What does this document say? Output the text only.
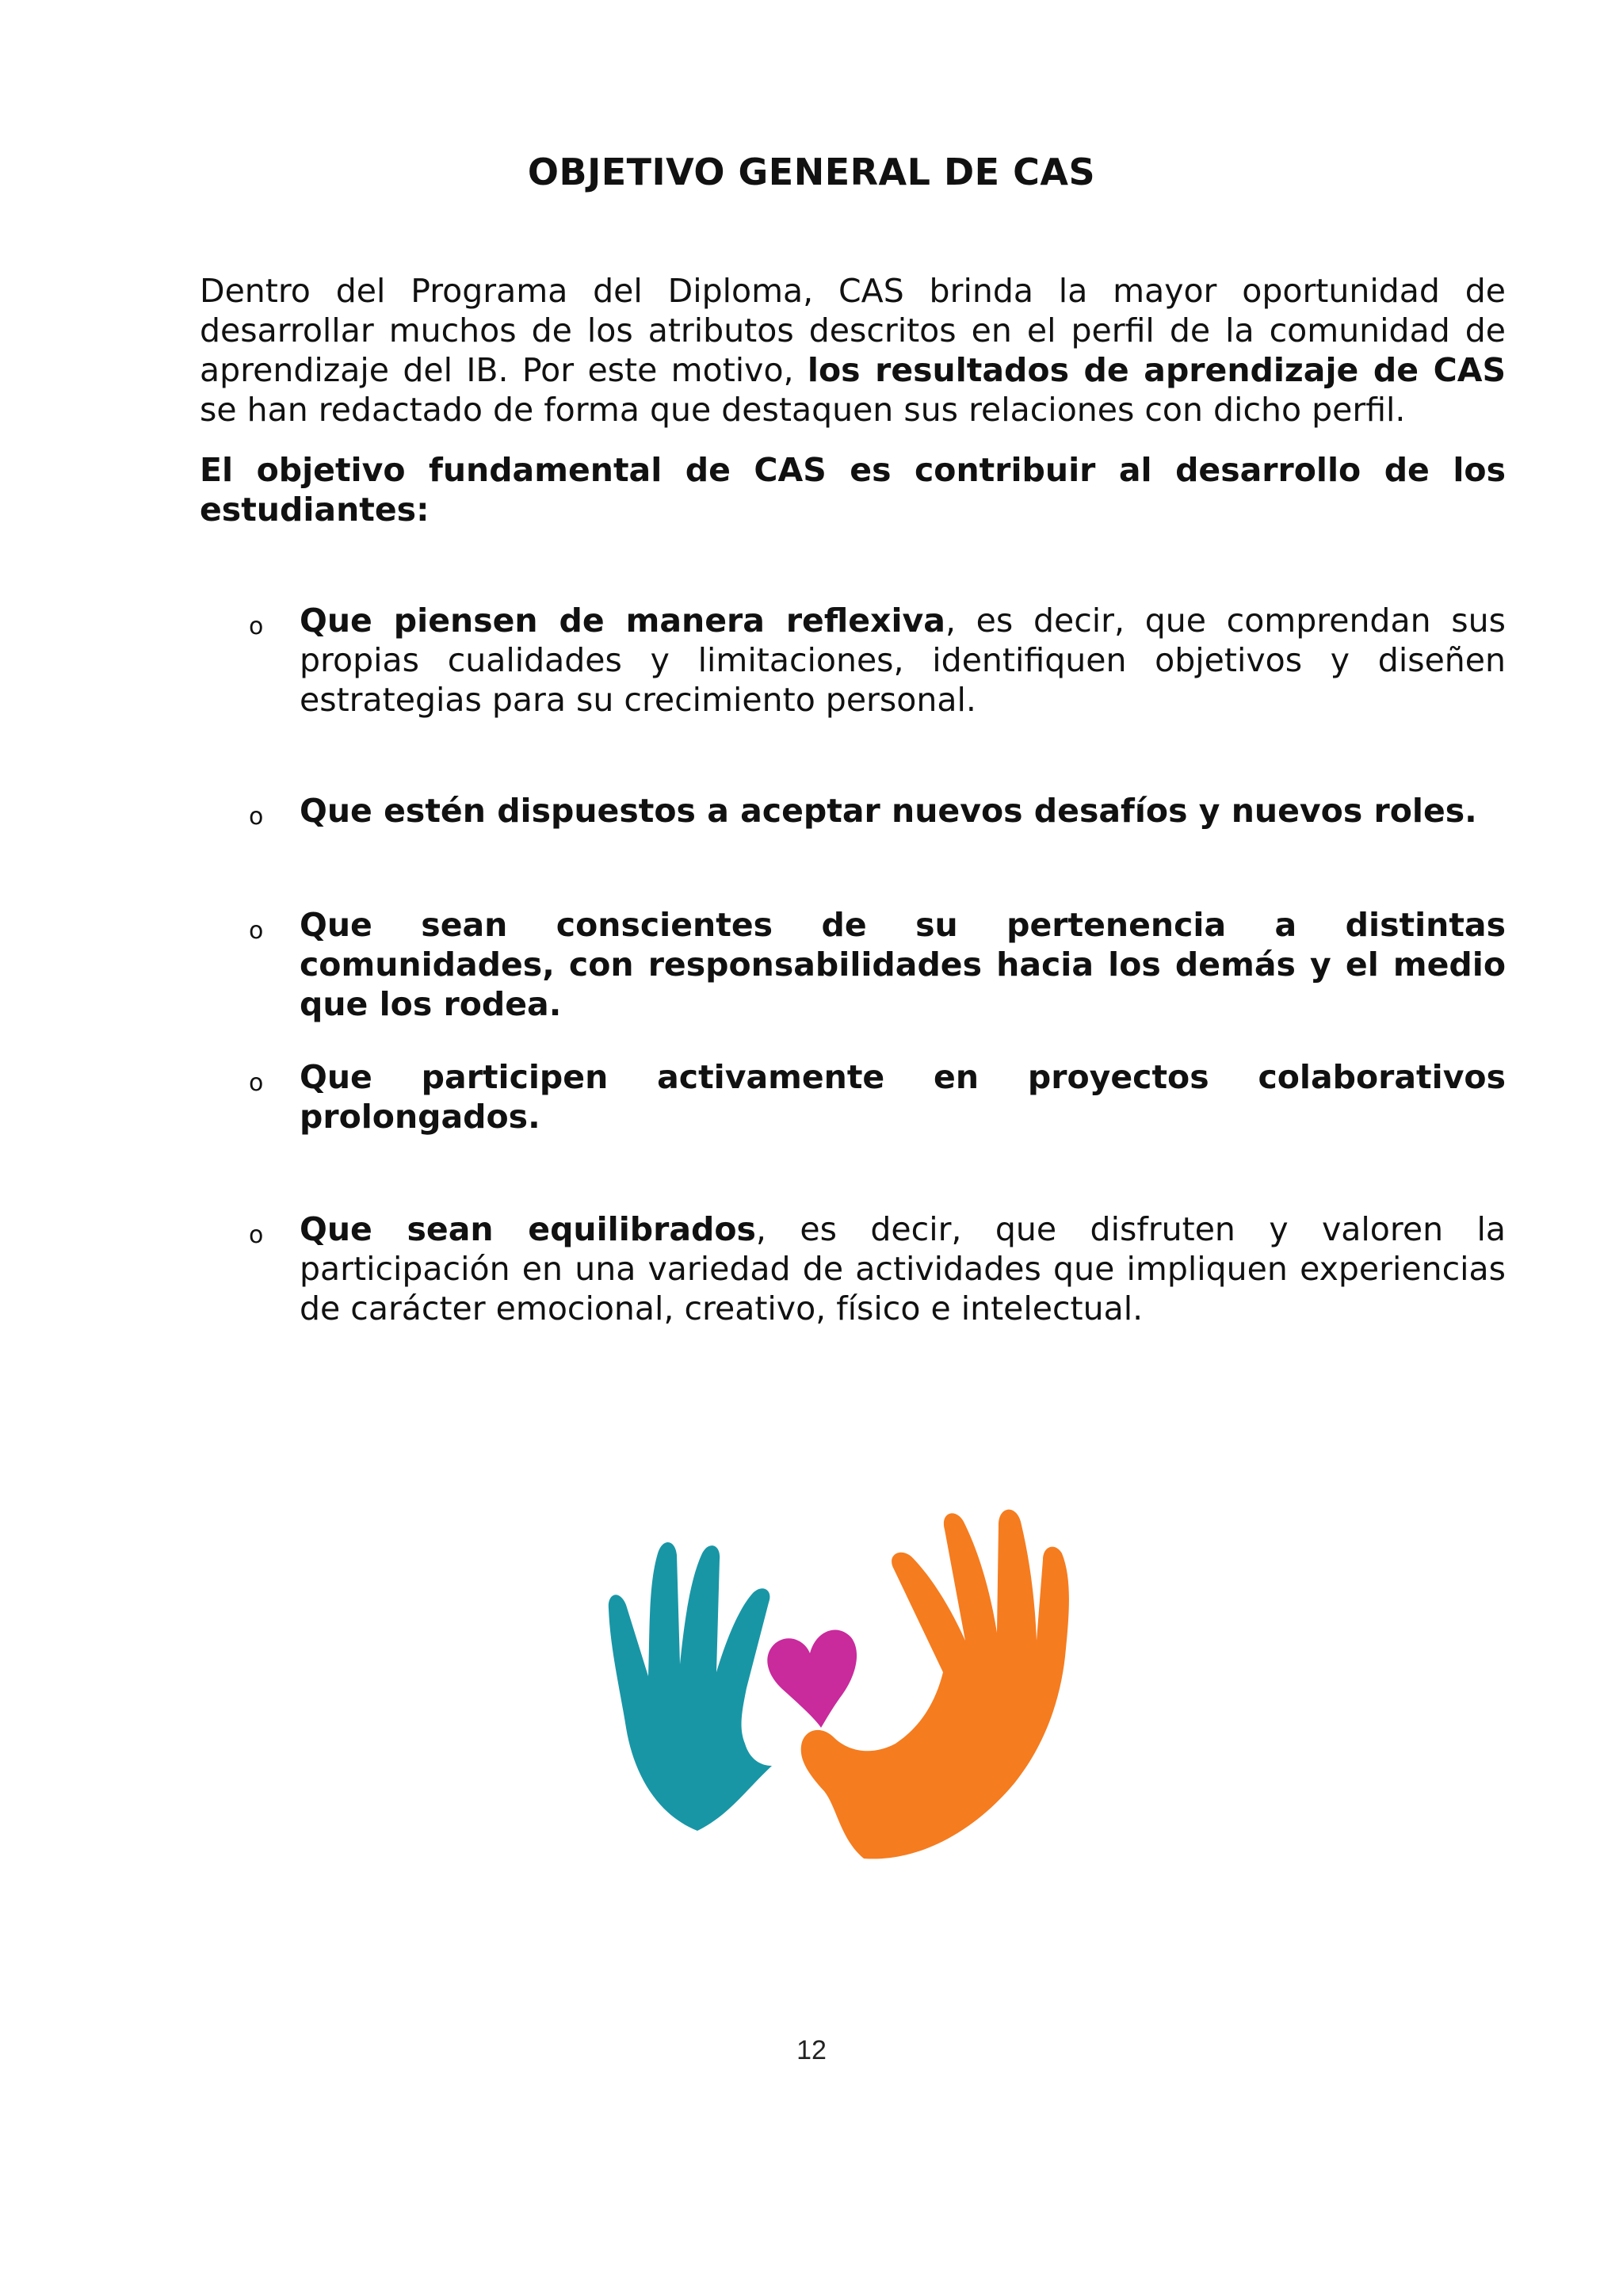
OBJETIVO GENERAL DE CAS

Dentro del Programa del Diploma, CAS brinda la mayor oportunidad de desarrollar muchos de los atributos descritos en el perfil de la comunidad de aprendizaje del IB. Por este motivo, los resultados de aprendizaje de CAS se han redactado de forma que destaquen sus relaciones con dicho perfil.

El objetivo fundamental de CAS es contribuir al desarrollo de los estudiantes:

o Que piensen de manera reflexiva, es decir, que comprendan sus propias cualidades y limitaciones, identifiquen objetivos y diseñen estrategias para su crecimiento personal.

o Que estén dispuestos a aceptar nuevos desafíos y nuevos roles.

o Que sean conscientes de su pertenencia a distintas comunidades, con responsabilidades hacia los demás y el medio que los rodea.

o Que participen activamente en proyectos colaborativos prolongados.

o Que sean equilibrados, es decir, que disfruten y valoren la participación en una variedad de actividades que impliquen experiencias de carácter emocional, creativo, físico e intelectual.

12
